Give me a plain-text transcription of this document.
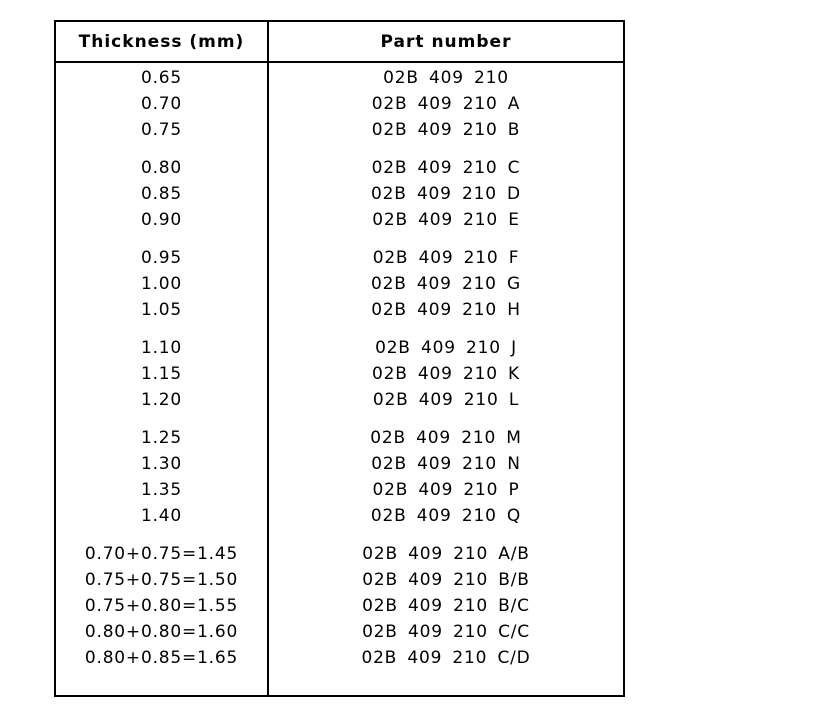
Thickness (mm)	Part number
0.65	02B 409 210
0.70	02B 409 210 A
0.75	02B 409 210 B
0.80	02B 409 210 C
0.85	02B 409 210 D
0.90	02B 409 210 E
0.95	02B 409 210 F
1.00	02B 409 210 G
1.05	02B 409 210 H
1.10	02B 409 210 J
1.15	02B 409 210 K
1.20	02B 409 210 L
1.25	02B 409 210 M
1.30	02B 409 210 N
1.35	02B 409 210 P
1.40	02B 409 210 Q
0.70+0.75=1.45	02B 409 210 A/B
0.75+0.75=1.50	02B 409 210 B/B
0.75+0.80=1.55	02B 409 210 B/C
0.80+0.80=1.60	02B 409 210 C/C
0.80+0.85=1.65	02B 409 210 C/D
